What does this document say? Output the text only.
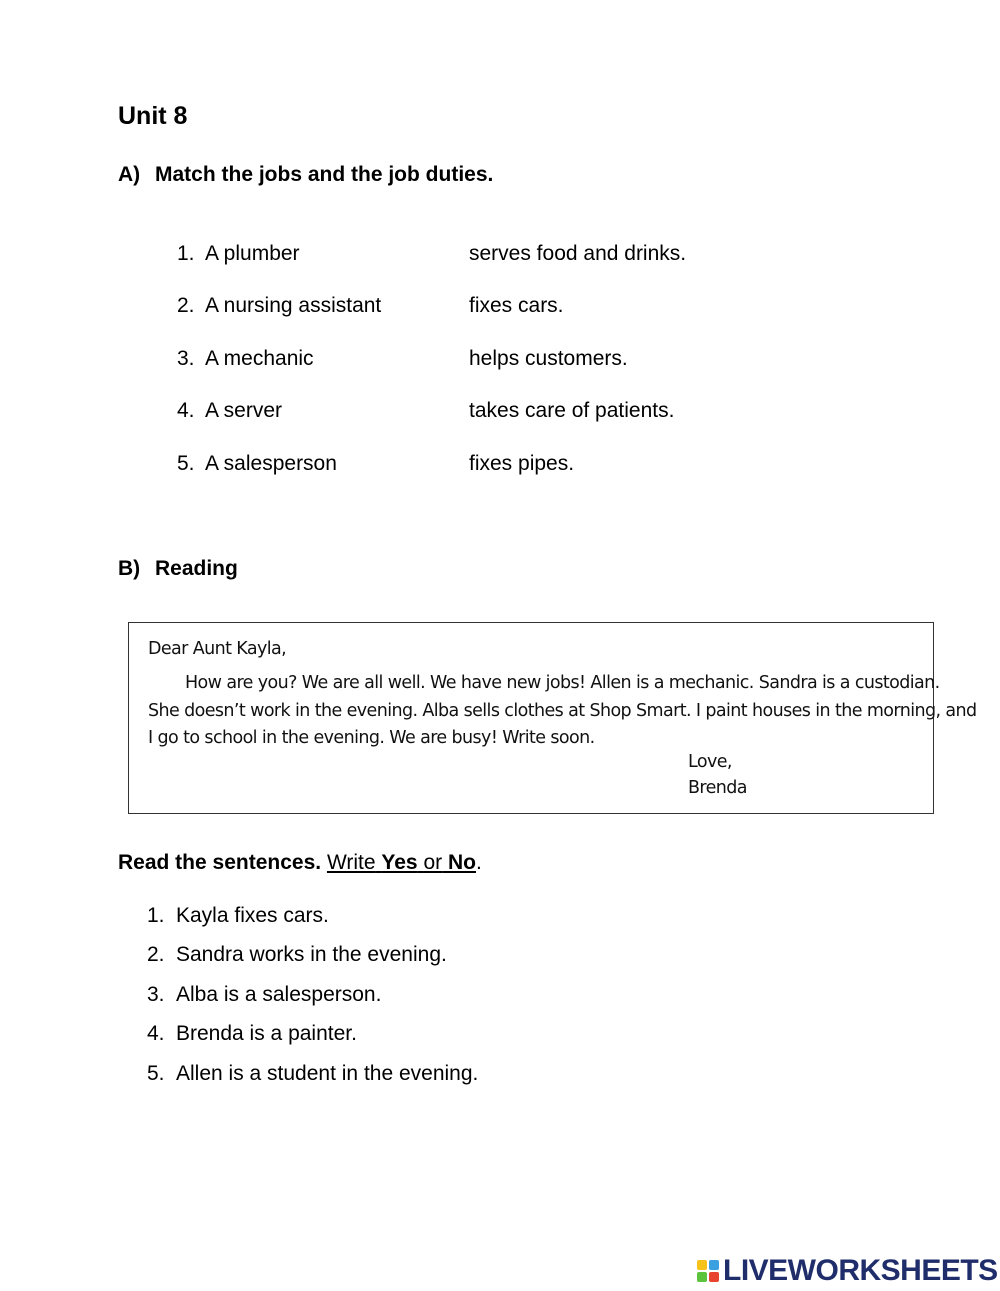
Unit 8
A) Match the jobs and the job duties.
1. A plumber	serves food and drinks.
2. A nursing assistant	fixes cars.
3. A mechanic	helps customers.
4. A server	takes care of patients.
5. A salesperson	fixes pipes.
B) Reading
Dear Aunt Kayla,
How are you? We are all well. We have new jobs! Allen is a mechanic. Sandra is a custodian.
She doesn’t work in the evening. Alba sells clothes at Shop Smart. I paint houses in the morning, and
I go to school in the evening. We are busy! Write soon.
Love,
Brenda
Read the sentences. Write Yes or No.
1. Kayla fixes cars.
2. Sandra works in the evening.
3. Alba is a salesperson.
4. Brenda is a painter.
5. Allen is a student in the evening.
LIVEWORKSHEETS
